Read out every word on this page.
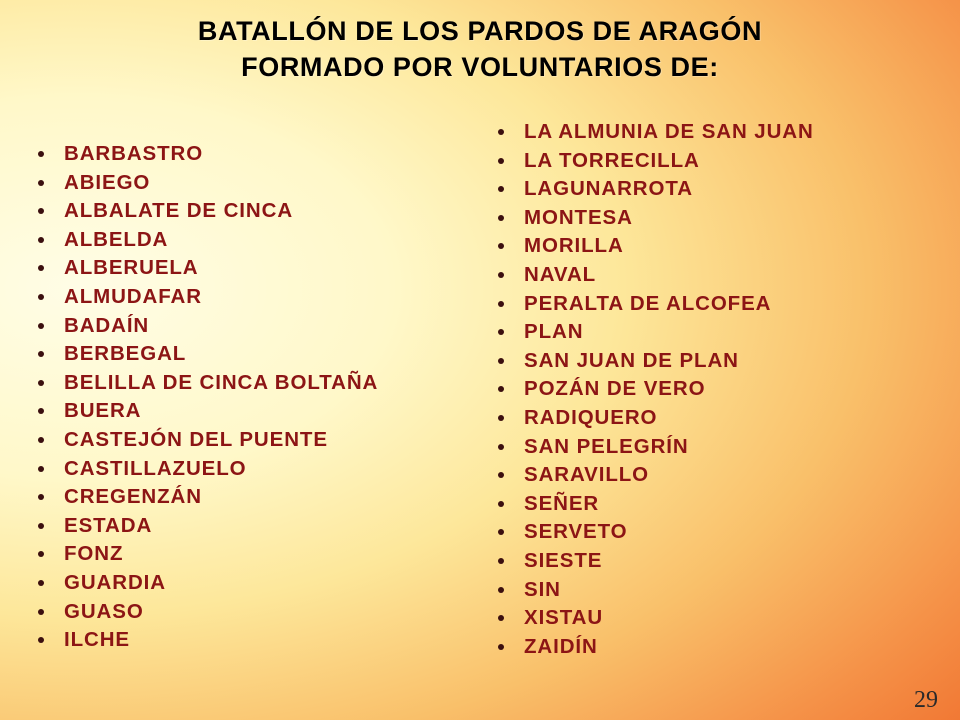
BATALLÓN DE LOS PARDOS DE ARAGÓN
FORMADO POR VOLUNTARIOS DE:
BARBASTRO
ABIEGO
ALBALATE DE CINCA
ALBELDA
ALBERUELA
ALMUDAFAR
BADAÍN
BERBEGAL
BELILLA DE CINCA BOLTAÑA
BUERA
CASTEJÓN DEL PUENTE
CASTILLAZUELO
CREGENZÁN
ESTADA
FONZ
GUARDIA
GUASO
ILCHE
LA ALMUNIA DE SAN JUAN
LA TORRECILLA
LAGUNARROTA
MONTESA
MORILLA
NAVAL
PERALTA DE ALCOFEA
PLAN
SAN JUAN DE PLAN
POZÁN DE VERO
RADIQUERO
SAN PELEGRÍN
SARAVILLO
SEÑER
SERVETO
SIESTE
SIN
XISTAU
ZAIDÍN
29
